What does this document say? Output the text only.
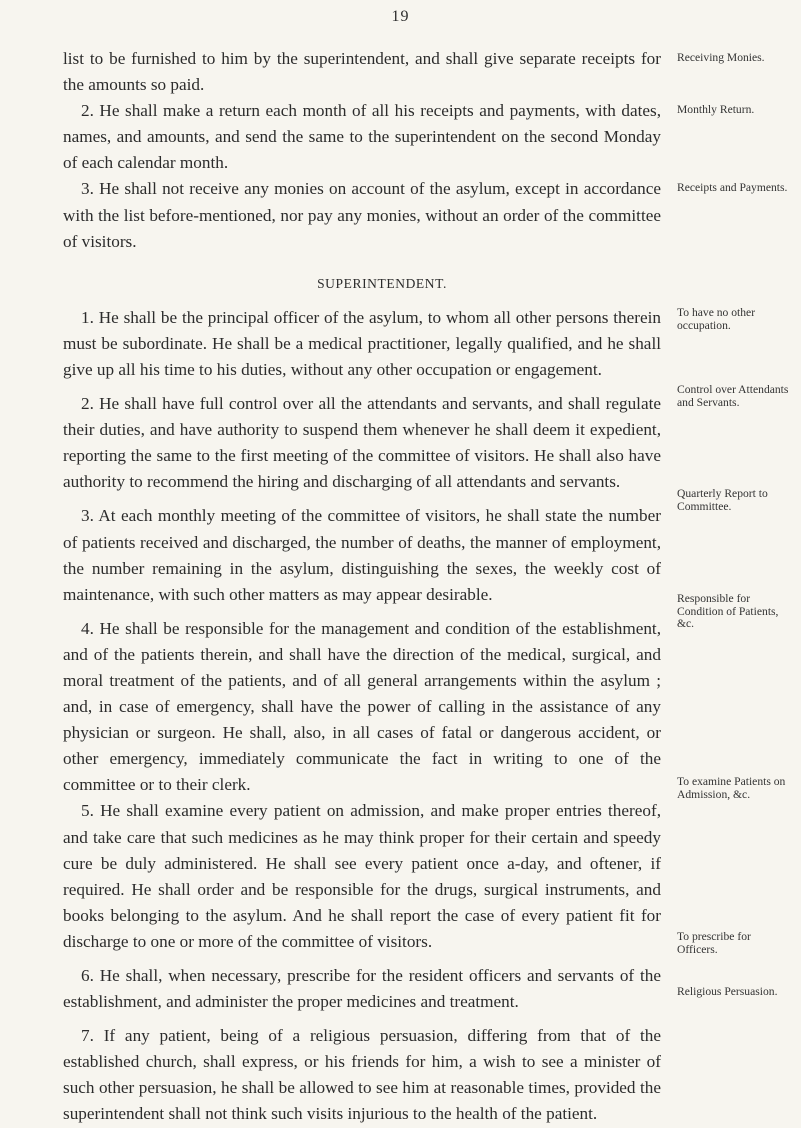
19

list to be furnished to him by the superintendent, and shall give separate receipts for the amounts so paid.

2. He shall make a return each month of all his receipts and payments, with dates, names, and amounts, and send the same to the superintendent on the second Monday of each calendar month.

3. He shall not receive any monies on account of the asylum, except in accordance with the list before-mentioned, nor pay any monies, without an order of the committee of visitors.

SUPERINTENDENT.

1. He shall be the principal officer of the asylum, to whom all other persons therein must be subordinate. He shall be a medical practitioner, legally qualified, and he shall give up all his time to his duties, without any other occupation or engagement.

2. He shall have full control over all the attendants and servants, and shall regulate their duties, and have authority to suspend them whenever he shall deem it expedient, reporting the same to the first meeting of the committee of visitors. He shall also have authority to recommend the hiring and discharging of all attendants and servants.

3. At each monthly meeting of the committee of visitors, he shall state the number of patients received and discharged, the number of deaths, the manner of employment, the number remaining in the asylum, distinguishing the sexes, the weekly cost of maintenance, with such other matters as may appear desirable.

4. He shall be responsible for the management and condition of the establishment, and of the patients therein, and shall have the direction of the medical, surgical, and moral treatment of the patients, and of all general arrangements within the asylum ; and, in case of emergency, shall have the power of calling in the assistance of any physician or surgeon. He shall, also, in all cases of fatal or dangerous accident, or other emergency, immediately communicate the fact in writing to one of the committee or to their clerk.

5. He shall examine every patient on admission, and make proper entries thereof, and take care that such medicines as he may think proper for their certain and speedy cure be duly administered. He shall see every patient once a-day, and oftener, if required. He shall order and be responsible for the drugs, surgical instruments, and books belonging to the asylum. And he shall report the case of every patient fit for discharge to one or more of the committee of visitors.

6. He shall, when necessary, prescribe for the resident officers and servants of the establishment, and administer the proper medicines and treatment.

7. If any patient, being of a religious persuasion, differing from that of the established church, shall express, or his friends for him, a wish to see a minister of such other persuasion, he shall be allowed to see him at reasonable times, provided the superintendent shall not think such visits injurious to the health of the patient.

Receiving Monies.
Monthly Return.
Receipts and Payments.
To have no other occupation.
Control over Attendants and Servants.
Quarterly Report to Committee.
Responsible for Condition of Patients, &c.
To examine Patients on Admission, &c.
To prescribe for Officers.
Religious Persuasion.
